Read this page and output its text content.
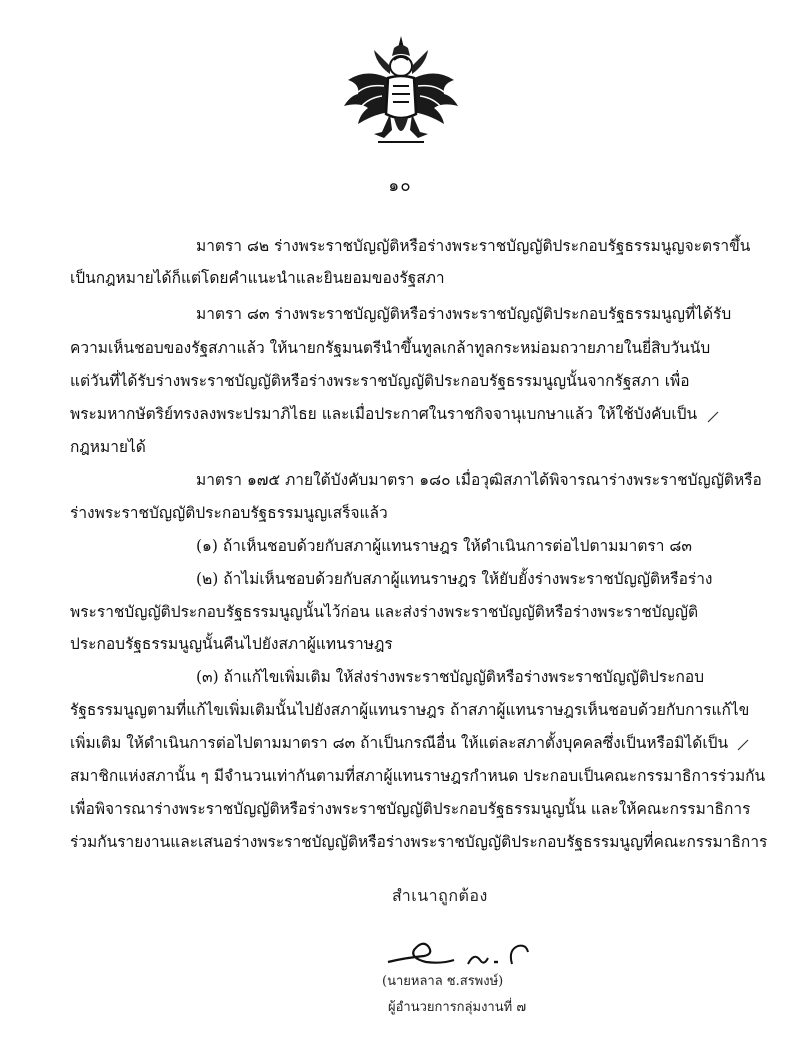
๑๐
มาตรา ๘๒ ร่างพระราชบัญญัติหรือร่างพระราชบัญญัติประกอบรัฐธรรมนูญจะตราขึ้น
เป็นกฎหมายได้ก็แต่โดยคำแนะนำและยินยอมของรัฐสภา
มาตรา ๘๓ ร่างพระราชบัญญัติหรือร่างพระราชบัญญัติประกอบรัฐธรรมนูญที่ได้รับ
ความเห็นชอบของรัฐสภาแล้ว ให้นายกรัฐมนตรีนำขึ้นทูลเกล้าทูลกระหม่อมถวายภายในยี่สิบวันนับ
แต่วันที่ได้รับร่างพระราชบัญญัติหรือร่างพระราชบัญญัติประกอบรัฐธรรมนูญนั้นจากรัฐสภา เพื่อ
พระมหากษัตริย์ทรงลงพระปรมาภิไธย และเมื่อประกาศในราชกิจจานุเบกษาแล้ว ให้ใช้บังคับเป็น
กฎหมายได้
มาตรา ๑๗๕ ภายใต้บังคับมาตรา ๑๘๐ เมื่อวุฒิสภาได้พิจารณาร่างพระราชบัญญัติหรือ
ร่างพระราชบัญญัติประกอบรัฐธรรมนูญเสร็จแล้ว
(๑) ถ้าเห็นชอบด้วยกับสภาผู้แทนราษฎร ให้ดำเนินการต่อไปตามมาตรา ๘๓
(๒) ถ้าไม่เห็นชอบด้วยกับสภาผู้แทนราษฎร ให้ยับยั้งร่างพระราชบัญญัติหรือร่าง
พระราชบัญญัติประกอบรัฐธรรมนูญนั้นไว้ก่อน และส่งร่างพระราชบัญญัติหรือร่างพระราชบัญญัติ
ประกอบรัฐธรรมนูญนั้นคืนไปยังสภาผู้แทนราษฎร
(๓) ถ้าแก้ไขเพิ่มเติม ให้ส่งร่างพระราชบัญญัติหรือร่างพระราชบัญญัติประกอบ
รัฐธรรมนูญตามที่แก้ไขเพิ่มเติมนั้นไปยังสภาผู้แทนราษฎร ถ้าสภาผู้แทนราษฎรเห็นชอบด้วยกับการแก้ไข
เพิ่มเติม ให้ดำเนินการต่อไปตามมาตรา ๘๓ ถ้าเป็นกรณีอื่น ให้แต่ละสภาตั้งบุคคลซึ่งเป็นหรือมิได้เป็น
สมาชิกแห่งสภานั้น ๆ มีจำนวนเท่ากันตามที่สภาผู้แทนราษฎรกำหนด ประกอบเป็นคณะกรรมาธิการร่วมกัน
เพื่อพิจารณาร่างพระราชบัญญัติหรือร่างพระราชบัญญัติประกอบรัฐธรรมนูญนั้น และให้คณะกรรมาธิการ
ร่วมกันรายงานและเสนอร่างพระราชบัญญัติหรือร่างพระราชบัญญัติประกอบรัฐธรรมนูญที่คณะกรรมาธิการ
สำเนาถูกต้อง
(นายหลาล ช.สรพงษ์)
ผู้อำนวยการกลุ่มงานที่ ๗
